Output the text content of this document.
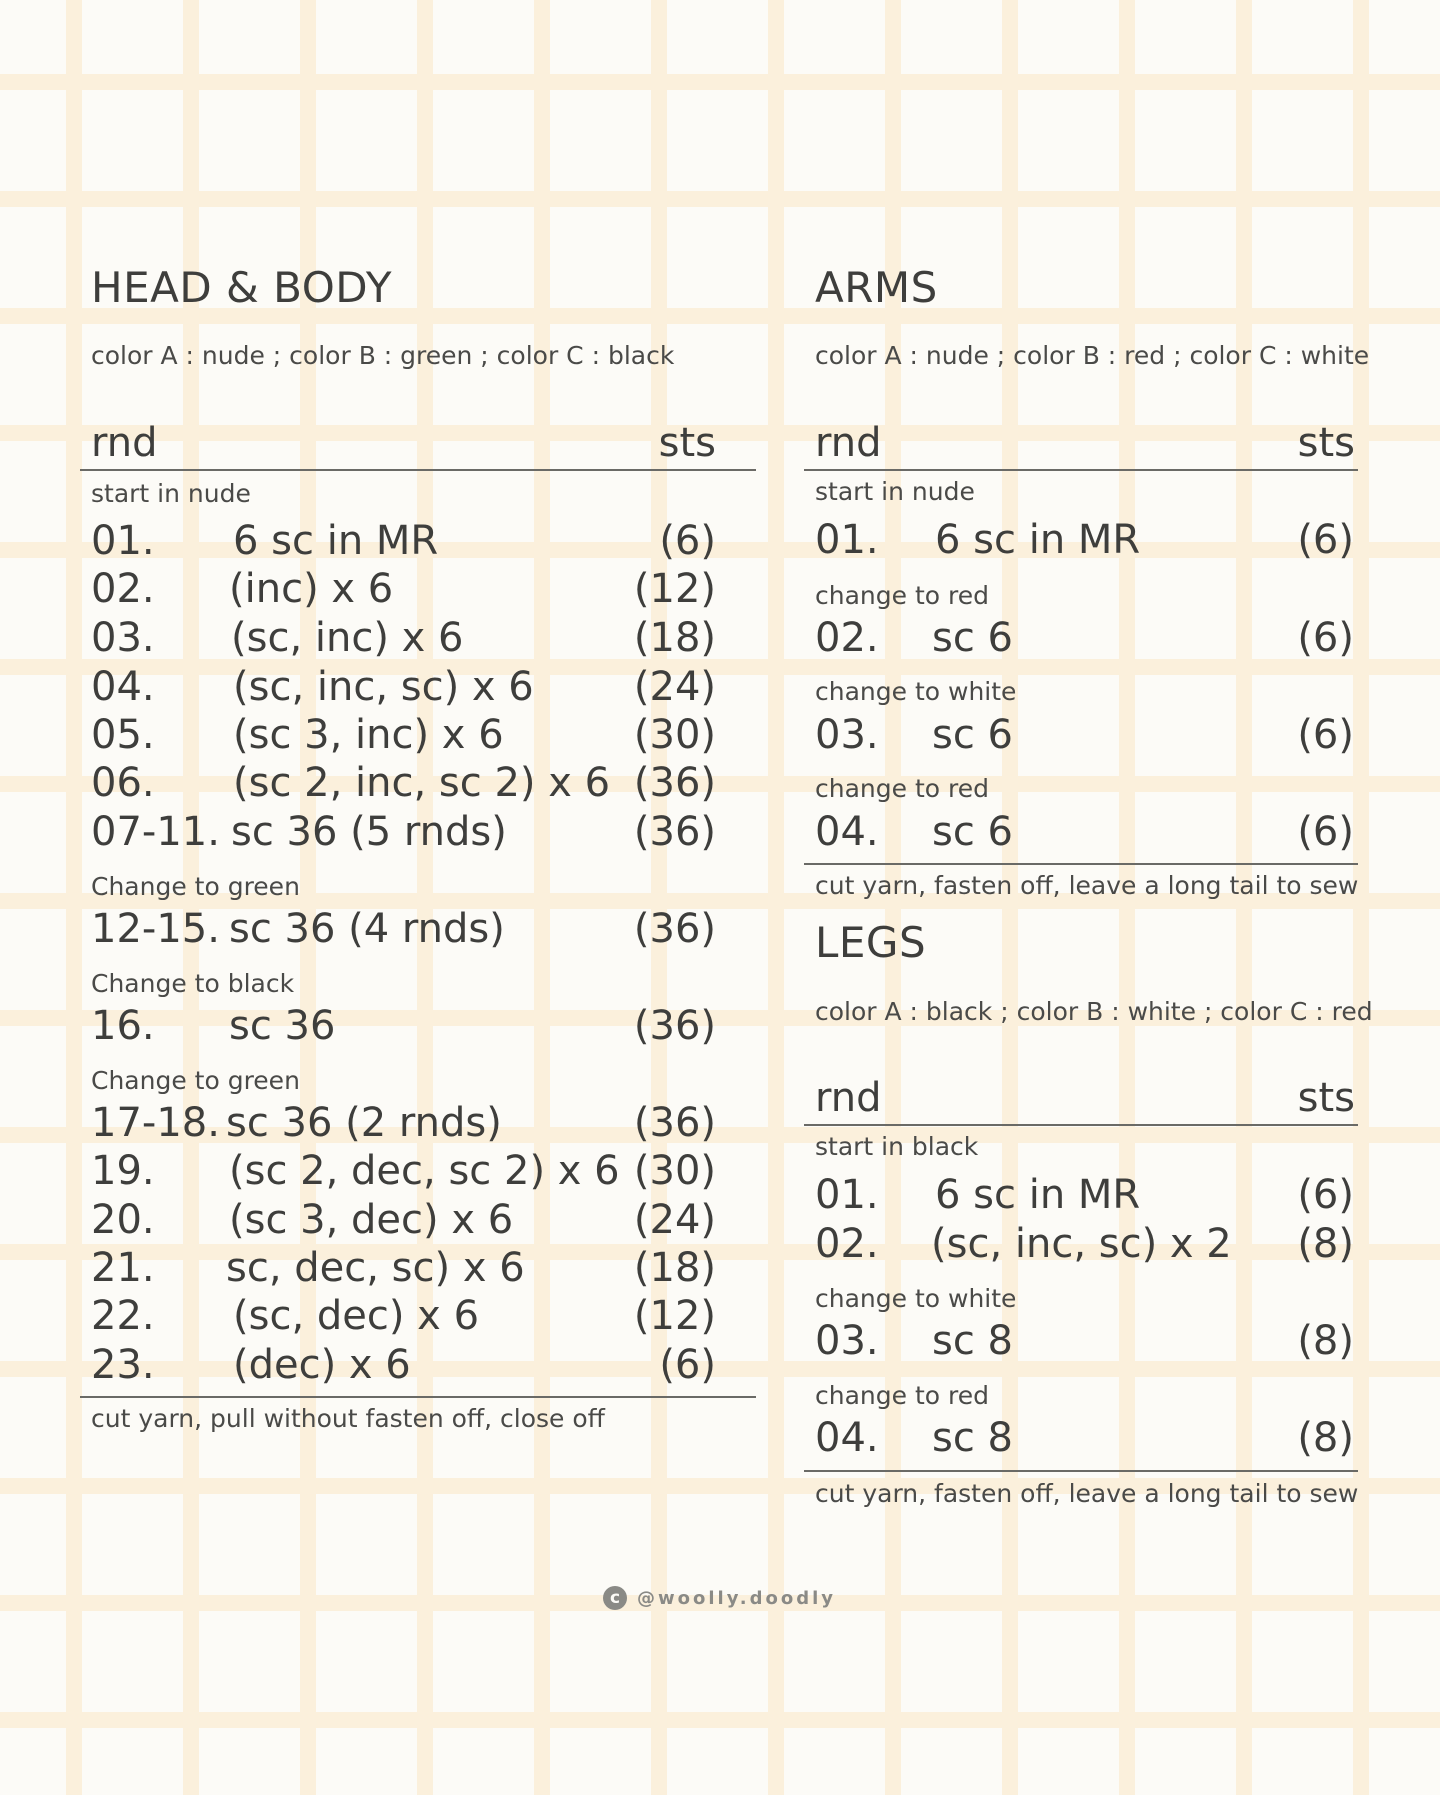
HEAD & BODY
color A : nude ; color B : green ; color C : black
rnd	sts
start in nude
01. 6 sc in MR	(6)
02. (inc) x 6	(12)
03. (sc, inc) x 6	(18)
04. (sc, inc, sc) x 6	(24)
05. (sc 3, inc) x 6	(30)
06. (sc 2, inc, sc 2) x 6 (36)
07-11. sc 36 (5 rnds)	(36)
Change to green
12-15. sc 36 (4 rnds)	(36)
Change to black
16. sc 36	(36)
Change to green
17-18. sc 36 (2 rnds)	(36)
19. (sc 2, dec, sc 2) x 6 (30)
20. (sc 3, dec) x 6	(24)
21. sc, dec, sc) x 6	(18)
22. (sc, dec) x 6	(12)
23. (dec) x 6	(6)
cut yarn, pull without fasten off, close off
ARMS
color A : nude ; color B : red ; color C : white
rnd	sts
start in nude
01. 6 sc in MR	(6)
change to red
02. sc 6	(6)
change to white
03. sc 6	(6)
change to red
04. sc 6	(6)
cut yarn, fasten off, leave a long tail to sew
LEGS
color A : black ; color B : white ; color C : red
rnd	sts
start in black
01. 6 sc in MR	(6)
02. (sc, inc, sc) x 2 (8)
change to white
03. sc 8	(8)
change to red
04. sc 8	(8)
cut yarn, fasten off, leave a long tail to sew
c @woolly.doodly
